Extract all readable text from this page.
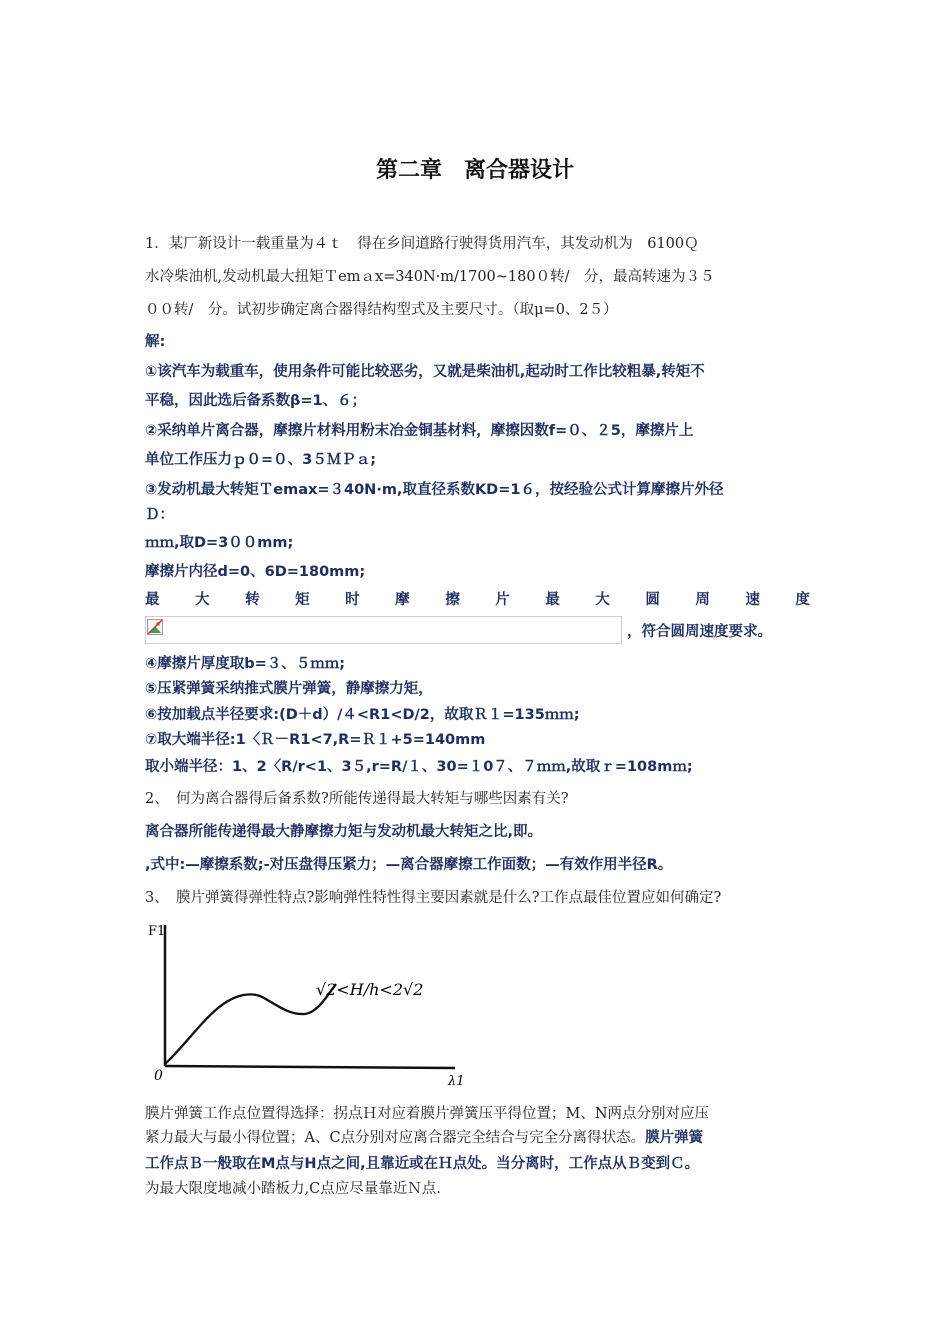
第二章　离合器设计
1．某厂新设计一载重量为４ｔ　得在乡间道路行驶得货用汽车，其发动机为　6100Ｑ
水冷柴油机,发动机最大扭矩Ｔemａx=340N·m/1700~180０转/　分，最高转速为３５
００转/　分。试初步确定离合器得结构型式及主要尺寸。（取μ=0、2５）
解:
①该汽车为载重车，使用条件可能比较恶劣，又就是柴油机,起动时工作比较粗暴,转矩不
平稳，因此选后备系数β=1、６；
②采纳单片离合器，摩擦片材料用粉末冶金铜基材料，摩擦因数f=０、２5，摩擦片上
单位工作压力ｐ０=０、3５ＭＰａ;
③发动机最大转矩Ｔemax=３40N·m,取直径系数KD=1６，按经验公式计算摩擦片外径
Ｄ：
ｍｍ,取D=3００mm;
摩擦片内径d=0、6D=180mm;
最 大 转 矩 时 摩 擦 片 最 大 圆 周 速 度
，符合圆周速度要求。
④摩擦片厚度取b=３、５ｍｍ;
⑤压紧弹簧采纳推式膜片弹簧，静摩擦力矩，
⑥按加载点半径要求:(D＋d）/４<R1<D/2，故取Ｒ１=135ｍｍ;
⑦取大端半径:1〈Ｒ－R1<7,R=Ｒ１+5=140mm
取小端半径：1、2〈R/r<1、3５,r=R/１、30=１0７、７ｍｍ,故取ｒ=108mｍ;
2、　何为离合器得后备系数?所能传递得最大转矩与哪些因素有关?
离合器所能传递得最大静摩擦力矩与发动机最大转矩之比,即。
,式中:—摩擦系数;-对压盘得压紧力；—离合器摩擦工作面数；—有效作用半径R。
3、　膜片弹簧得弹性特点?影响弹性特性得主要因素就是什么?工作点最佳位置应如何确定?
F1
0	λ1
√2<H/h<2√2
膜片弹簧工作点位置得选择：拐点Ｈ对应着膜片弹簧压平得位置；M、N两点分别对应压
紧力最大与最小得位置；A、C点分别对应离合器完全结合与完全分离得状态。膜片弹簧
工作点Ｂ一般取在M点与H点之间,且靠近或在Ｈ点处。当分离时，工作点从Ｂ变到Ｃ。
为最大限度地减小踏板力,C点应尽量靠近Ｎ点.
